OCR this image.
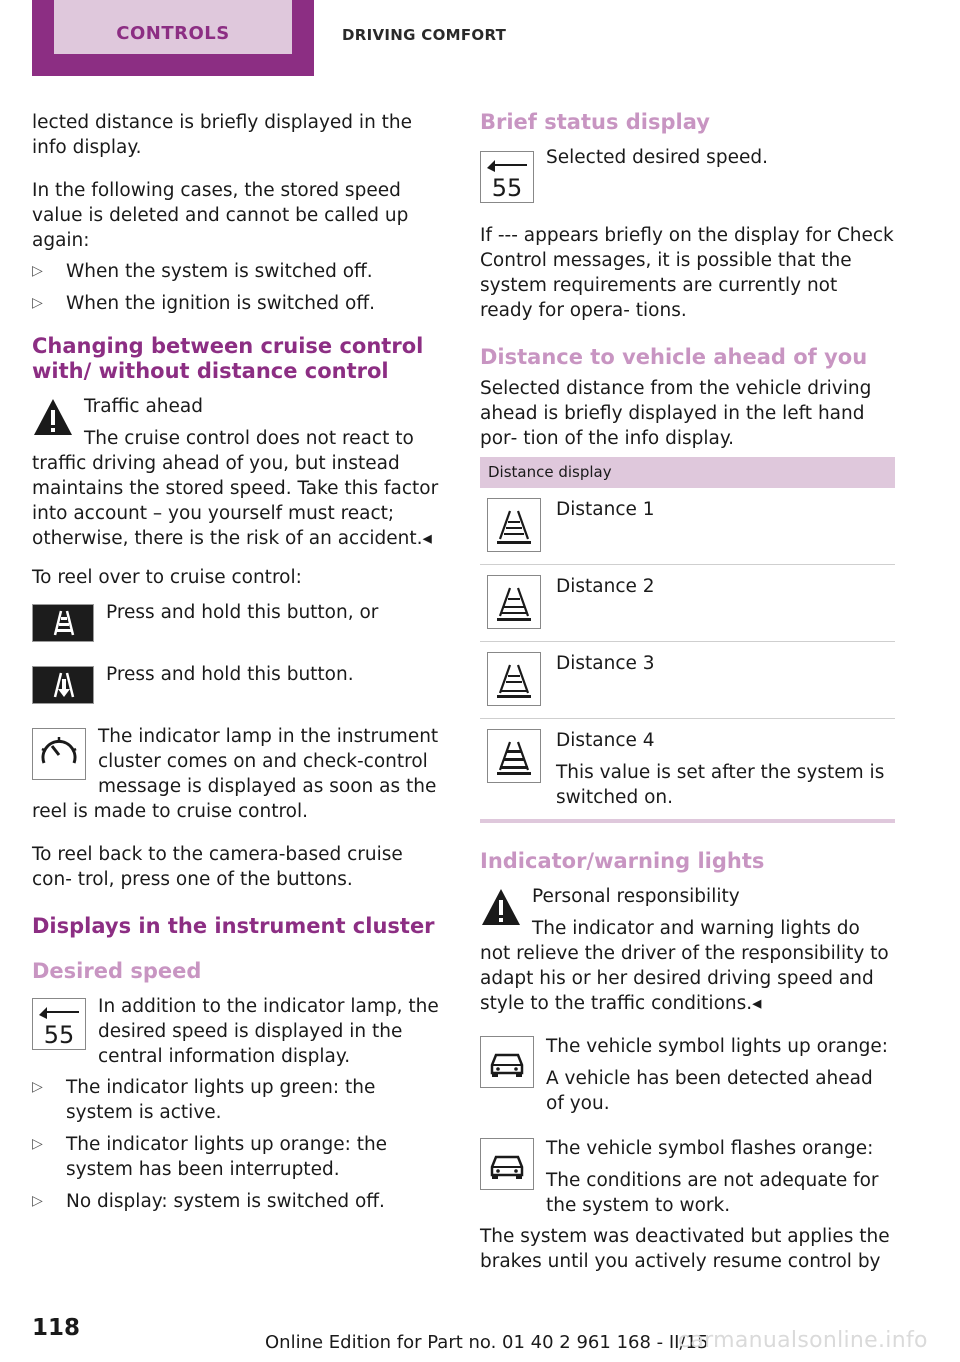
CONTROLS	DRIVING COMFORT

lected distance is briefly displayed in the info display.

In the following cases, the stored speed value is deleted and cannot be called up again:

▷ When the system is switched off.
▷ When the ignition is switched off.
Changing between cruise control with/ without distance control

Traffic ahead

The cruise control does not react to traffic driving ahead of you, but instead maintains the stored speed. Take this factor into account – you yourself must react; otherwise, there is the risk of an accident.◂

To reel over to cruise control:

Press and hold this button, or

Press and hold this button.

The indicator lamp in the instrument cluster comes on and check-control message is displayed as soon as the reel is made to cruise control.

To reel back to the camera-based cruise con‐ trol, press one of the buttons.

Displays in the instrument cluster
Desired speed
55

In addition to the indicator lamp, the desired speed is displayed in the central information display.

▷ The indicator lights up green: the system is active.
▷ The indicator lights up orange: the system has been interrupted.
▷ No display: system is switched off.
Brief status display
55

Selected desired speed.

If --- appears briefly on the display for Check Control messages, it is possible that the system requirements are currently not ready for opera‐ tions.

Distance to vehicle ahead of you

Selected distance from the vehicle driving ahead is briefly displayed in the left hand por‐ tion of the info display.

Distance display

Distance 1

Distance 2

Distance 3

Distance 4

This value is set after the system is switched on.

Indicator/warning lights

Personal responsibility

The indicator and warning lights do not relieve the driver of the responsibility to adapt his or her desired driving speed and style to the traffic conditions.◂

The vehicle symbol lights up orange:

A vehicle has been detected ahead of you.

The vehicle symbol flashes orange:

The conditions are not adequate for the system to work.

The system was deactivated but applies the brakes until you actively resume control by

118
Online Edition for Part no. 01 40 2 961 168 - II/15
carmanualsonline.info
